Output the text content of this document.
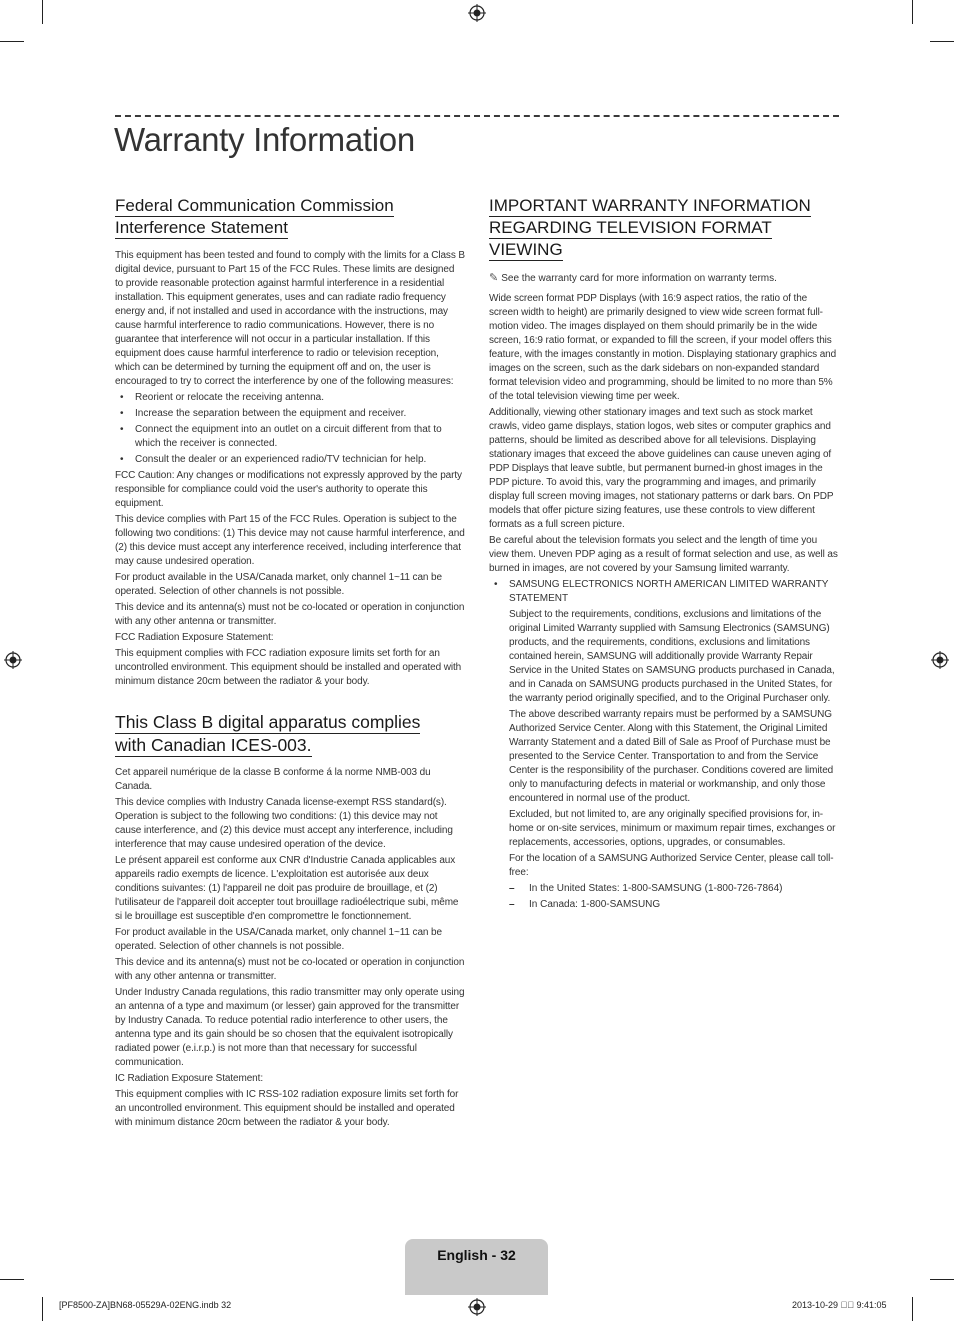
Warranty Information
Federal Communication Commission
Interference Statement

This equipment has been tested and found to comply with the limits for a Class B digital device, pursuant to Part 15 of the FCC Rules. These limits are designed to provide reasonable protection against harmful interference in a residential installation. This equipment generates, uses and can radiate radio frequency energy and, if not installed and used in accordance with the instructions, may cause harmful interference to radio communications. However, there is no guarantee that interference will not occur in a particular installation. If this equipment does cause harmful interference to radio or television reception, which can be determined by turning the equipment off and on, the user is encouraged to try to correct the interference by one of the following measures:

• Reorient or relocate the receiving antenna.
• Increase the separation between the equipment and receiver.
• Connect the equipment into an outlet on a circuit different from that to which the receiver is connected.
• Consult the dealer or an experienced radio/TV technician for help.

FCC Caution: Any changes or modifications not expressly approved by the party responsible for compliance could void the user's authority to operate this equipment.

This device complies with Part 15 of the FCC Rules. Operation is subject to the following two conditions: (1) This device may not cause harmful interference, and (2) this device must accept any interference received, including interference that may cause undesired operation.

For product available in the USA/Canada market, only channel 1~11 can be operated. Selection of other channels is not possible.

This device and its antenna(s) must not be co-located or operation in conjunction with any other antenna or transmitter.

FCC Radiation Exposure Statement:

This equipment complies with FCC radiation exposure limits set forth for an uncontrolled environment. This equipment should be installed and operated with minimum distance 20cm between the radiator & your body.

This Class B digital apparatus complies
with Canadian ICES-003.

Cet appareil numérique de la classe B conforme á la norme NMB-003 du Canada.

This device complies with Industry Canada license-exempt RSS standard(s). Operation is subject to the following two conditions: (1) this device may not cause interference, and (2) this device must accept any interference, including interference that may cause undesired operation of the device.

Le présent appareil est conforme aux CNR d'Industrie Canada applicables aux appareils radio exempts de licence. L'exploitation est autorisée aux deux conditions suivantes: (1) l'appareil ne doit pas produire de brouillage, et (2) l'utilisateur de l'appareil doit accepter tout brouillage radioélectrique subi, même si le brouillage est susceptible d'en compromettre le fonctionnement.

For product available in the USA/Canada market, only channel 1~11 can be operated. Selection of other channels is not possible.

This device and its antenna(s) must not be co-located or operation in conjunction with any other antenna or transmitter.

Under Industry Canada regulations, this radio transmitter may only operate using an antenna of a type and maximum (or lesser) gain approved for the transmitter by Industry Canada. To reduce potential radio interference to other users, the antenna type and its gain should be so chosen that the equivalent isotropically radiated power (e.i.r.p.) is not more than that necessary for successful communication.

IC Radiation Exposure Statement:

This equipment complies with IC RSS-102 radiation exposure limits set forth for an uncontrolled environment. This equipment should be installed and operated with minimum distance 20cm between the radiator & your body.

IMPORTANT WARRANTY INFORMATION
REGARDING TELEVISION FORMAT
VIEWING
✎ See the warranty card for more information on warranty terms.

Wide screen format PDP Displays (with 16:9 aspect ratios, the ratio of the screen width to height) are primarily designed to view wide screen format full-motion video. The images displayed on them should primarily be in the wide screen, 16:9 ratio format, or expanded to fill the screen, if your model offers this feature, with the images constantly in motion. Displaying stationary graphics and images on the screen, such as the dark sidebars on non-expanded standard format television video and programming, should be limited to no more than 5% of the total television viewing time per week.

Additionally, viewing other stationary images and text such as stock market crawls, video game displays, station logos, web sites or computer graphics and patterns, should be limited as described above for all televisions. Displaying stationary images that exceed the above guidelines can cause uneven aging of PDP Displays that leave subtle, but permanent burned-in ghost images in the PDP picture. To avoid this, vary the programming and images, and primarily display full screen moving images, not stationary patterns or dark bars. On PDP models that offer picture sizing features, use these controls to view different formats as a full screen picture.

Be careful about the television formats you select and the length of time you view them. Uneven PDP aging as a result of format selection and use, as well as burned in images, are not covered by your Samsung limited warranty.

• SAMSUNG ELECTRONICS NORTH AMERICAN LIMITED WARRANTY STATEMENT

Subject to the requirements, conditions, exclusions and limitations of the original Limited Warranty supplied with Samsung Electronics (SAMSUNG) products, and the requirements, conditions, exclusions and limitations contained herein, SAMSUNG will additionally provide Warranty Repair Service in the United States on SAMSUNG products purchased in Canada, and in Canada on SAMSUNG products purchased in the United States, for the warranty period originally specified, and to the Original Purchaser only.

The above described warranty repairs must be performed by a SAMSUNG Authorized Service Center. Along with this Statement, the Original Limited Warranty Statement and a dated Bill of Sale as Proof of Purchase must be presented to the Service Center. Transportation to and from the Service Center is the responsibility of the purchaser. Conditions covered are limited only to manufacturing defects in material or workmanship, and only those encountered in normal use of the product.

Excluded, but not limited to, are any originally specified provisions for, in-home or on-site services, minimum or maximum repair times, exchanges or replacements, accessories, options, upgrades, or consumables.

For the location of a SAMSUNG Authorized Service Center, please call toll-free:

– In the United States: 1-800-SAMSUNG (1-800-726-7864)
– In Canada: 1-800-SAMSUNG
English - 32
[PF8500-ZA]BN68-05529A-02ENG.indb 32	2013-10-29 ￿￿ 9:41:05
